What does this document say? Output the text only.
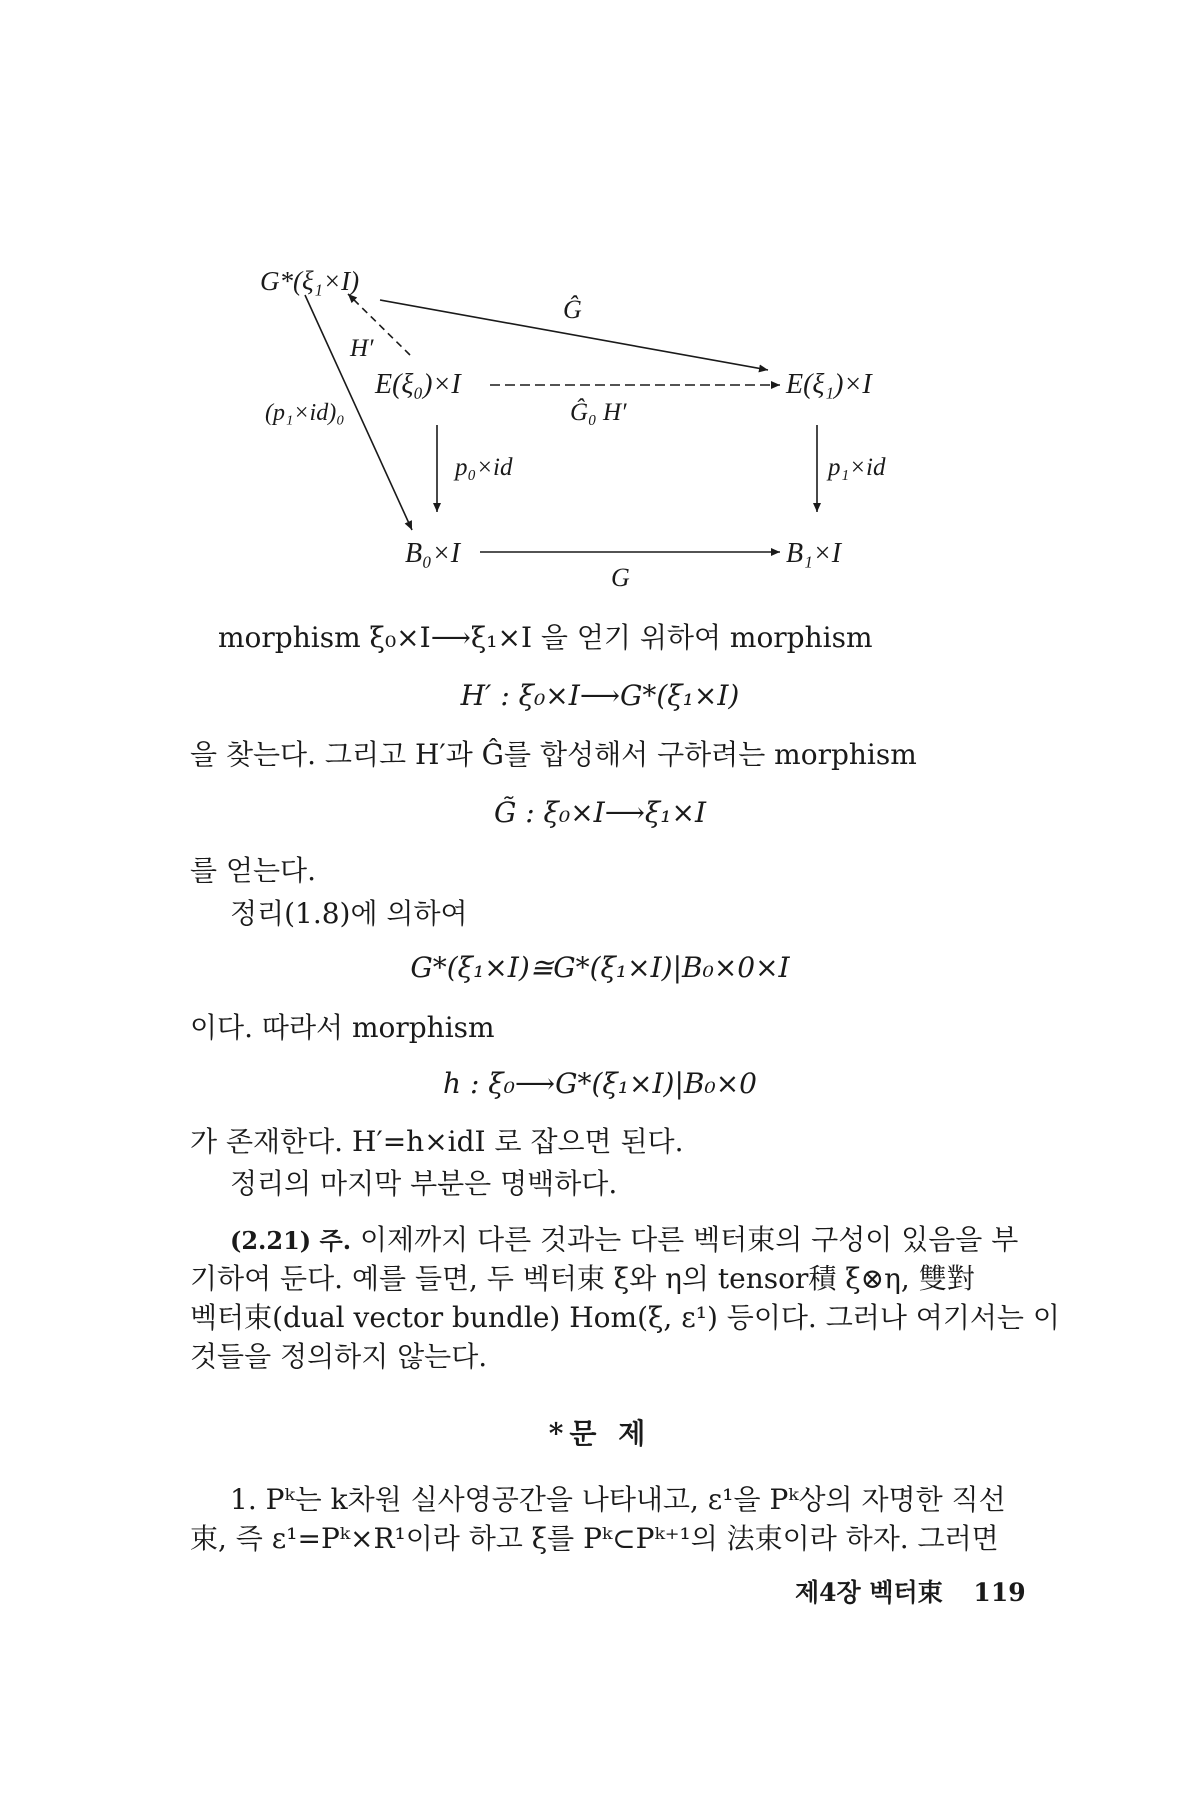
G*(ξ₁×I)
Ĝ
H′
E(ξ₀)×I	E(ξ₁)×I
Ĝ₀ H′
(p₁×id)₀
p₀×id	p₁×id
B₀×I	B₁×I
G
morphism ξ₀×I⟶ξ₁×I 을 얻기 위하여 morphism
H′ : ξ₀×I⟶G*(ξ₁×I)
을 찾는다. 그리고 H′과 Ĝ를 합성해서 구하려는 morphism
G̃ : ξ₀×I⟶ξ₁×I
를 얻는다.
정리(1.8)에 의하여
G*(ξ₁×I)≅G*(ξ₁×I)|B₀×0×I
이다. 따라서 morphism
h : ξ₀⟶G*(ξ₁×I)|B₀×0
가 존재한다. H′=h×idI 로 잡으면 된다.
정리의 마지막 부분은 명백하다.
(2.21) 주. 이제까지 다른 것과는 다른 벡터束의 구성이 있음을 부
기하여 둔다. 예를 들면, 두 벡터束 ξ와 η의 tensor積 ξ⊗η, 雙對
벡터束(dual vector bundle) Hom(ξ, ε¹) 등이다. 그러나 여기서는 이
것들을 정의하지 않는다.
*문 제
1. Pᵏ는 k차원 실사영공간을 나타내고, ε¹을 Pᵏ상의 자명한 직선
束, 즉 ε¹=Pᵏ×R¹이라 하고 ξ를 Pᵏ⊂Pᵏ⁺¹의 法束이라 하자. 그러면
제4장 벡터束 119
